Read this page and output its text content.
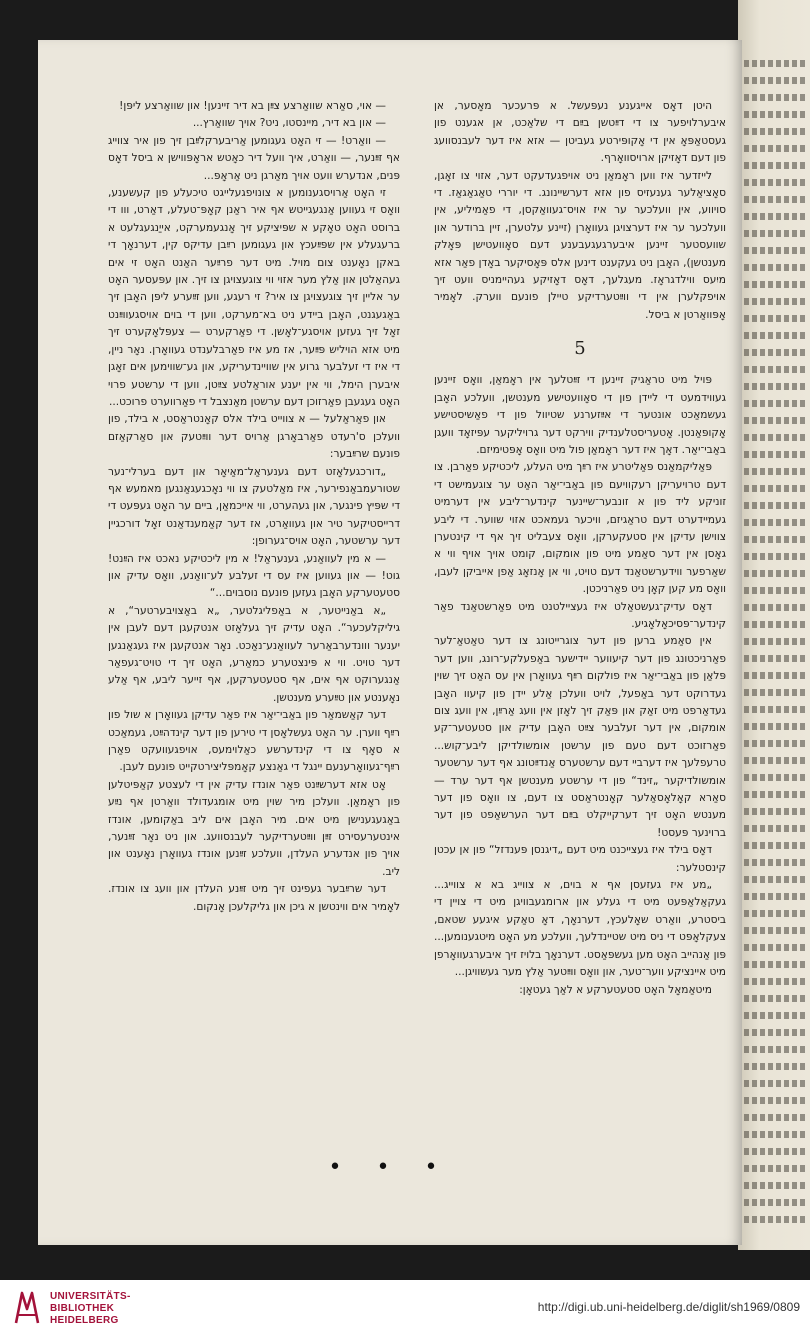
היטן דאָס אייגענע נעפּעשל. א פּרעכער מאָסער, אן איבערלויפער צו די דײַטשן בײַם די שלאַכט, אן אגענט פון געסטאַפּאָ אין די אָקופּירטע געביטן — אזא איז דער לעבנסוועג פון דעם דאָזיקן ארויסוואָרף.

לייזדער איז ווען ראָמאַן ניט אויפגעדעקט דער, אזוי צו זאָגן, סאָציאַלער גענעזיס פון אזא דערשיינונג. די יוררי טאַגאַגאַז. די סויווע, אין וועלכער ער איז אויס־געוואַקסן, די פאַמיליע, אין וועלכער ער איז דערצויגן געוואָרן (זיינע עלטערן, זיין ברודער און שוועסטער זיינען איבערגעגעבענע דעם סאָוועטישן פּאָלק מענטשן), האָבן ניט געקענט דינען אלס פּאָסיקער באָדן פאַר אזא מיִעס ווילדגראָז. מעגלעך, דאָס דאָזיקע געהיימניס וועט זיך אויפקלערן אין די ווײַטערדיקע טיילן פונעם ווערק. לאָמיר אָפּוואַרטן א ביסל.

5

פּויל מיט טראַגיק זיינען די זײַטלעך אין ראָמאַן, וואָס זיינען געווידמעט די ליידן פון די סאָוועטישע מענטשן, וועלכע האָבן געשמאַכט אונטער די אײַזערנע שטיוול פון די פאַשיסטישע אָקופּאַנטן. אָטעריסטלענדיק ווירקט דער גרויליקער עפּיזאָד וועגן באַבי־יאַר. דאָך איז דער ראָמאַן פול מיט וואָס אָפּטימיזם.

פּאַליקמאַנס פּאַליטרע איז רײַך מיט העלע, ליכטיקע פאַרבן. צו דעם טרויעריקן רעקוויעם פון באַבי־יאַר האַט ער צוגעמישט די זוניקע ליד פון א זונבער־שיינער קינדער־ליבע אין דערמיט געמיידערט דעם טראַגיזם, וויכער געמאכט אזוי שווער. די ליבע צווישן עדיקן אין סטעקערקן, וואָס צעבליט זיך אף די קינטערן גאָסן אין דער סאַמע מיט פון אומקום, קומט אויך אויף ווי א שאַרפער ווידערשטאַנד דעם טויט, ווי אן אָנזאָג אַפן אייביקן לעבן, וואָס מע קען קאָן ניט פאַרניכטן.

דאָס עדיק־געשטאַלט איז געציילטנט מיט פאַרשטאַנד פאַר קינדער־פּסיכאָלאָגיע.

אין סאַמע ברען פון דער צוגרייטונג צו דער טאַטאַ־לער פאַרניכטונג פון דער קיעווער יידישער באַפעלקע־רונג, ווען דער פּלאַן פון באַבי־יאַר איז פולקום רײַף געוואָרן אין עס האַט זיך שוין געדרוקט דער באַפעל, לויט וועלכן אַלע יידן פון קיעוו האָבן געדאַרפט מיט זאַק און פּאַק זיך לאָזן אין וועג אַרײַן, אין וועג צום אומקום, אין דער זעלבער צײַט האָבן עדיק און סטעטער־קע פאַרזוכט דעם טעם פון ערשטן אומשולדיקן ליבע־קוש... טרעפלעך איז דערביי דעם ערשטערס אַנדײַטונג אף דער ערשטער אומשולדיקער „זינד“ פון די ערשטע מענטשן אף דער ערד — סאַרא קאָלאָסאַלער קאָנטראַסט צו דעם, צו וואָס פון דער מענטש האָט זיך דערקייקלט בײַם דער הערשאַפט פון דער ברוינער פּעסט!

דאָס בילד איז געצייכנט מיט דעם „דיגנסן פּענדזל“ פון אן עכטן קינסטלער:

„מע איז געזעסן אף א בוים, א צווייג בא א צווייג... געקאַלאַפּעט מיט די געלע און ארומגעבוויגן מיט די צויין די ביסטרע, וואַרט שאָלעכץ, דערנאָך, דאָ טאַקע איגעע שטאם, צעקלאָפּט די ניס מיט שטיינדלעך, וועלכע מע האָט מיטגענומען... פּון אַנהייב האָט מען געשפּאַסט. דערנאָך בלויז זיך איבערגעוואָרפן מיט איינציקע ווער־טער, און וואָס ווײַטער אַלץ מער געשוויגן...

מיטאַמאָל האָט סטעטערקע א לאַך געטאָן:

— אוי, סאַרא שוואַרצע צײַן בא דיר זיינען! און שוואַרצע ליפּן!

— און בא דיר, מיינסטו, ניט? אויך שוואַרץ...

— וואַרט! — זי האָט געגומען אַריבערקלײַבן זיך פון איר צווייג אף זײַנער, — וואַרט, איך וועל דיר כאָטש אראָפּווישן א ביסל דאָס פּנים, אנדערש וועט אויך מאַרגן ניט אַראָפּ...

זי האָט אַרויסגענומען א צונויפגעלייגט טיכעלע פון קעשענע, וואָס זי געווען אַנגעגייטש אף איר ראַנן קאָפּ־טעלע, דאַרט, ווו די ברוסט האָט טאָקע א שפּיציקע זיך אָנגעמערקט, אייַנגעגלעט א ברעגעלע אין שפּײַעכץ און געגומען רײַבן עדיקס קין, דערנאָך די באקן נאָענט צום מויל. מיט דער פרײַער האַנט האָט זי אים געהאַלטן און אַלץ מער אזוי ווי צוגעצויגן צו זיך. און עפּעסער האָט ער אליין זיך צוגעצויגן צו איר? זי רעגע, ווען זײַערע ליפּן האָבן זיך באַגעגנט, האָבן ביידע ניט בא־מערקט, ווען די בוים אויסגעווײַנט זאָל זיך געזען אויסגע־לאָשן. די פאַרקערט — צעפּלאָקערט זיך מיט אזא הויליש פּײַער, אז מע איז פאַרבלענדט געוואָרן. נאָר ניין, די איז די זעלבער גרוע אין שוויינדעריקע, און גע־שווימען אים זאָגן איבערן הימל, ווי אין יענע אוראַלטע צײַטן, ווען די ערשטע פרוי האָט געגעבן פאַרזוכן דעם ערשטן מאַנצבל די פאַרווערט פרוכט...

און פאַראַלעל — א צווייט בילד אלס קאָנטראַסט, א בילד, פון וועלכן ס'רעדט פאַרבאָרגן אַרויס דער ווײַטעק און סאַרקאַזם פונעם שרײַבער:

„דורכגעלאָזט דעם גענעראַל־מאַיאָר און דעם בערלי־נער שטורעמבאַנפירער, איז מאַלטעק צו ווי נאָכגעגאַנגען מאמעש אף די שפּיץ פינגער, און געהערט, ווי אייכמאַן, ביים ער האָט געפּעט די דרייסטיקער טיר און געוואַרט, אז דער קאַמענדאַנט זאָל דורכגיין דער ערשטער, האָט אויס־גערופן:

— א מין לעוואַנע, גענעראַל! א מין ליכטיקע נאכט איז הײַנט! גוט! — און געווען איז עס די זעלבע לע־וואַנע, וואָס עדיק און סטעטערקע האָבן געזען פונעם נוסבוים...“

„א באַנייטער, א באַפליגלטער, „א באַצויבערטער“, א גיליקלעכער“. האָט עדיק זיך געלאָזט אנטקעגן דעם לעבן אין יענער ווונדערבאַרער לעוואַנע־נאַכט. נאָר אנטקעגן איז געגאַנגען דער טויט. ווי א פּינצטערע כמאַרע, האָט זיך די טויט־געפאַר אַנגערוקט אף אים, אף סטעטערקען, אף זייער ליבע, אף אַלע נאָענטע און טײַערע מענטשן.

דער קאַשמאַר פון באַבי־יאַר איז פאַר עדיקן געוואָרן א שול פון רײַף ווערן. ער האָט געשלאָסן די טירען פון דער קינדהײַט, געמאַכט א סאָף צו די קינדערשע כאַלוימעס, אויפגעוועקט פאַרן רײַף־געוואָרענעם יינגל די גאַנצע קאָמפּליצירטקייט פונעם לעבן.

אָט אזא דערשײַנט פאַר אונדז עדיק אין די לעצטע קאַפּיטלען פון ראָמאַן. וועלכן מיר שוין מיט אומגעדולד וואַרטן אף נײַע באַגעגענישן מיט אים. מיר האָבן אים ליב באַקומען, אונדז אינטערעסירט זײַן ווײַטערדיקער לעבנסוועג. און ניט נאָר זײַנער, אויך פון אנדערע העלדן, וועלכע זײַנען אונדז געוואָרן נאָענט און ליב.

דער שרײַבער געפינט זיך מיט זײַנע העלדן און וועג צו אונדז. לאָמיר אים ווינטשן א גיכן און גליקלעכן אָנקום.

• • •
UNIVERSITÄTS-
BIBLIOTHEK
HEIDELBERG
http://digi.ub.uni-heidelberg.de/diglit/sh1969/0809
